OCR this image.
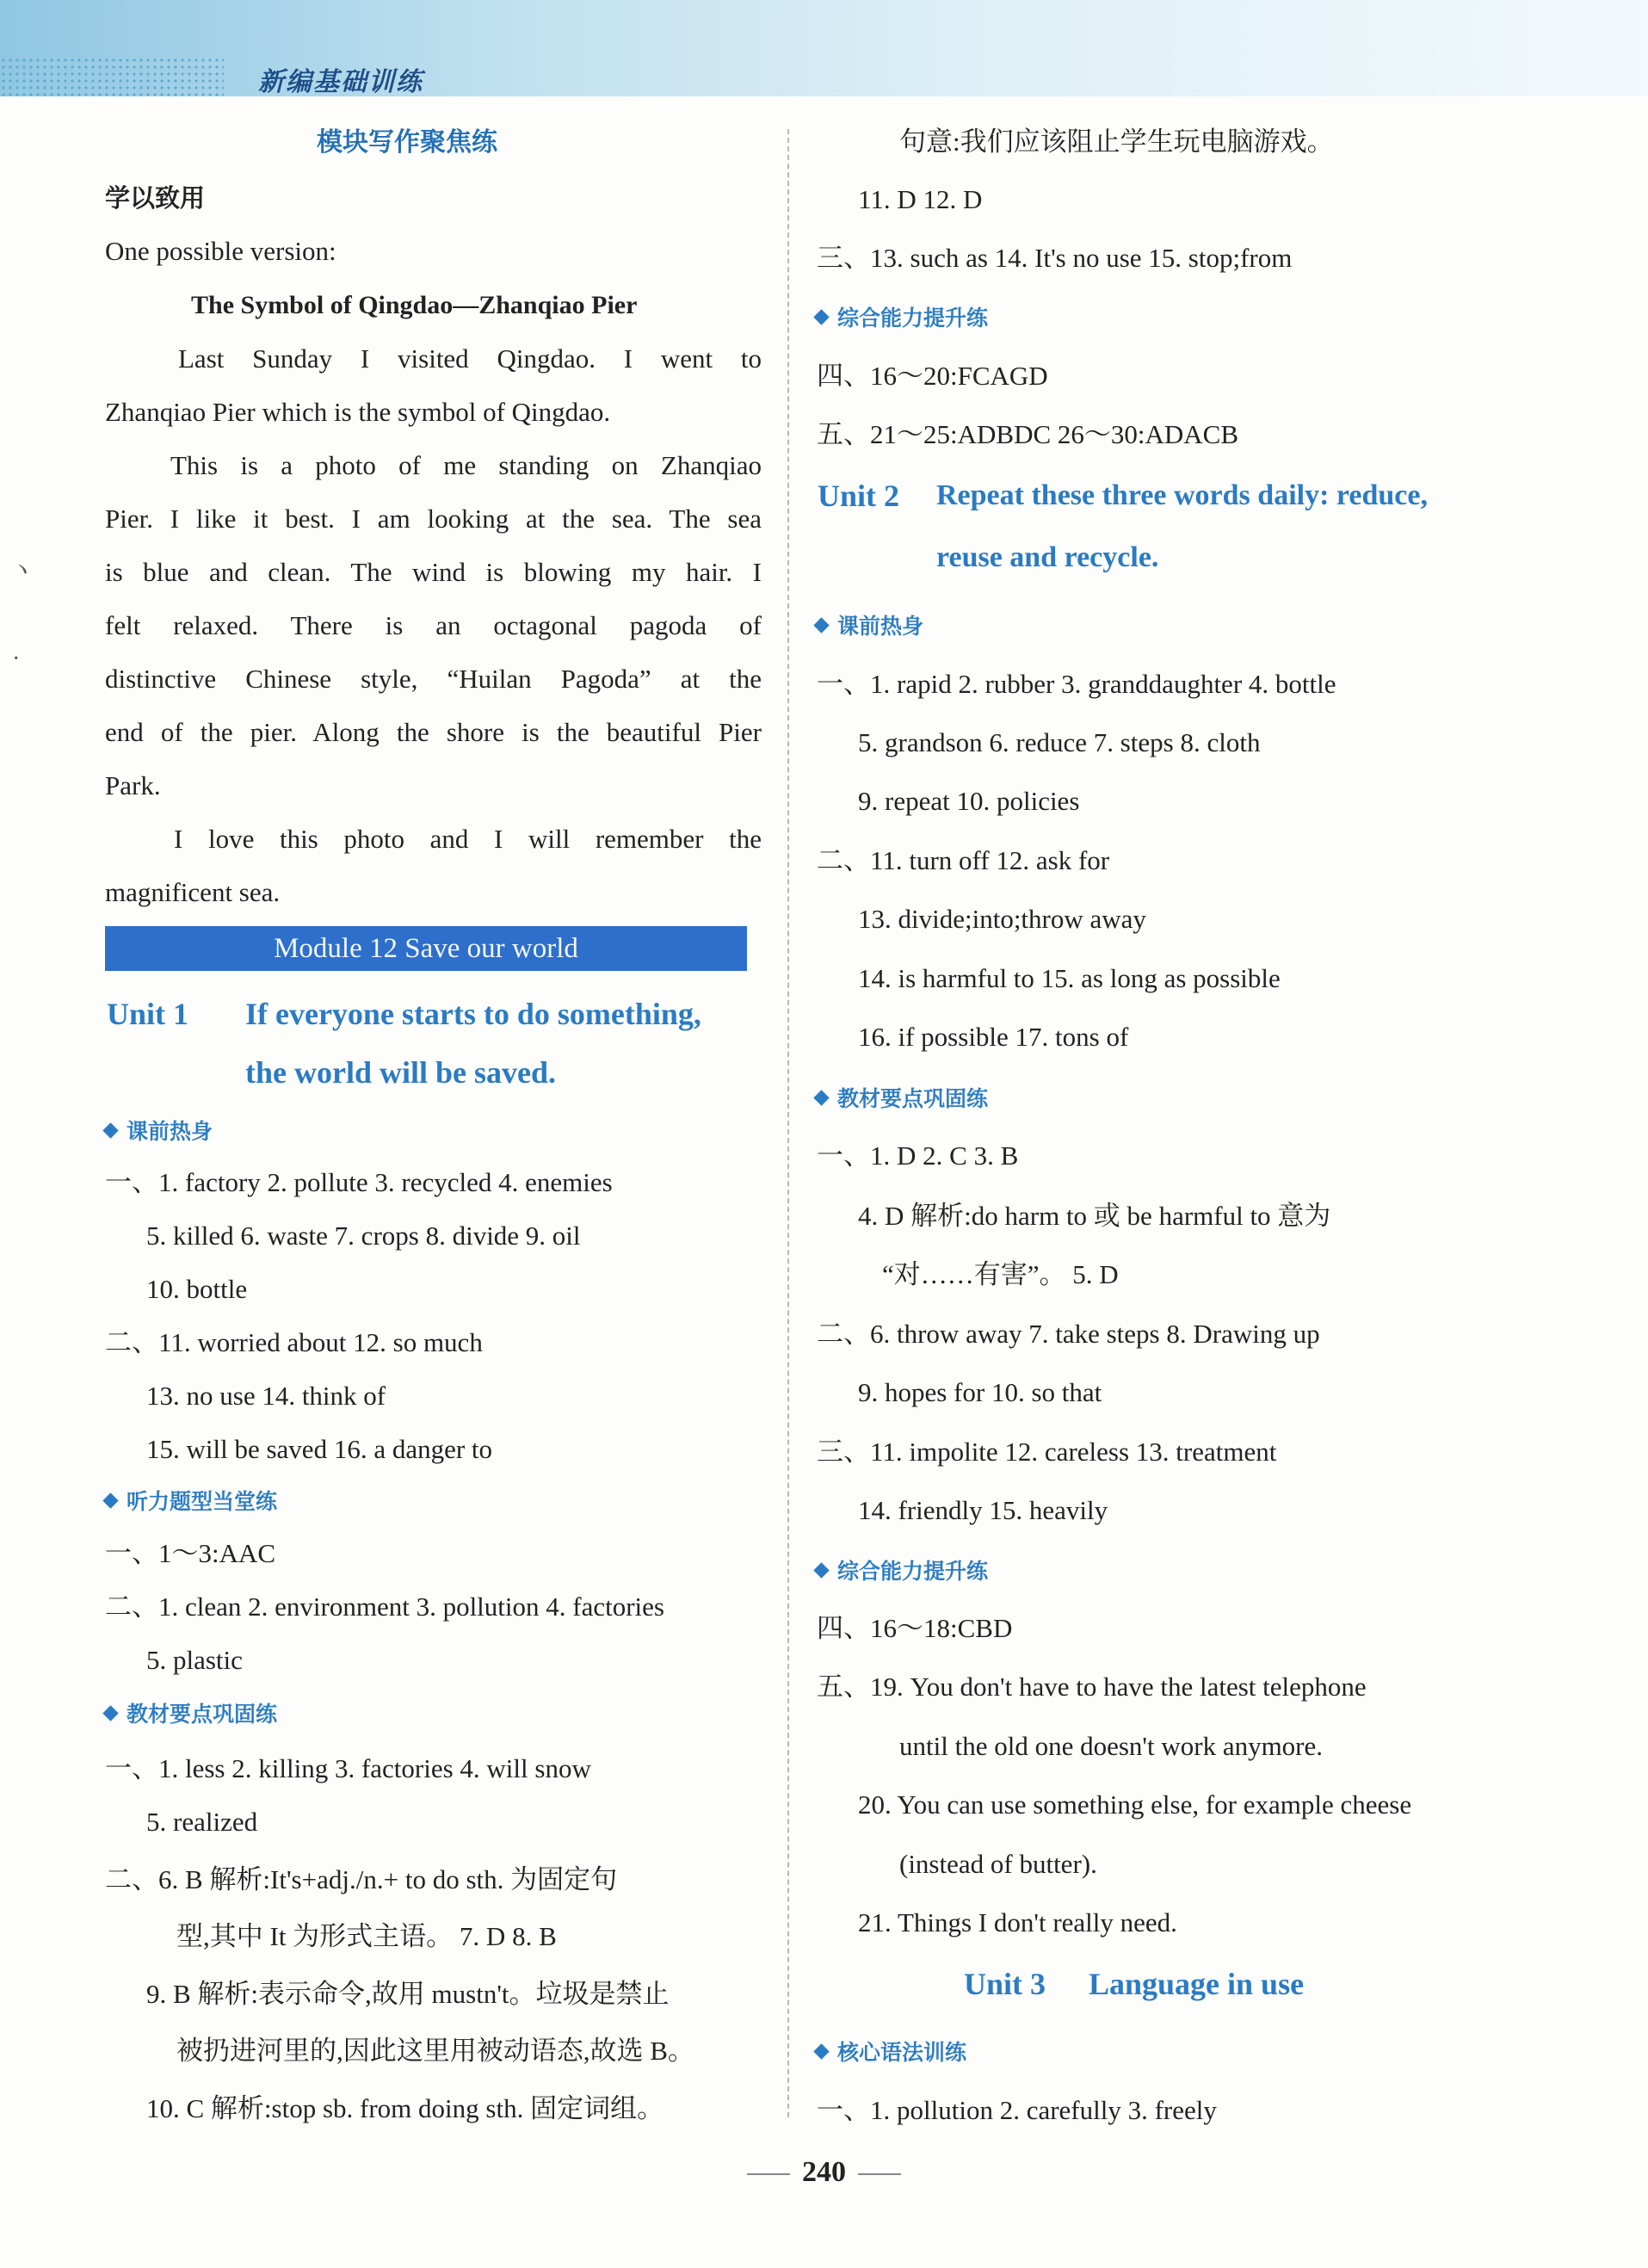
新编基础训练
ヽ
·
模块写作聚焦练
学以致用
One possible version:
The Symbol of Qingdao—Zhanqiao Pier
Last Sunday I visited Qingdao. I went to
Zhanqiao Pier which is the symbol of Qingdao.
This is a photo of me standing on Zhanqiao
Pier. I like it best. I am looking at the sea. The sea
is blue and clean. The wind is blowing my hair. I
felt relaxed. There is an octagonal pagoda of
distinctive Chinese style, “Huilan Pagoda” at the
end of the pier. Along the shore is the beautiful Pier
Park.
I love this photo and I will remember the
magnificent sea.
Module 12 Save our world
Unit 1 If everyone starts to do something,
the world will be saved.
课前热身
一、1. factory 2. pollute 3. recycled 4. enemies
5. killed 6. waste 7. crops 8. divide 9. oil
10. bottle
二、11. worried about 12. so much
13. no use 14. think of
15. will be saved 16. a danger to
听力题型当堂练
一、1～3:AAC
二、1. clean 2. environment 3. pollution 4. factories
5. plastic
教材要点巩固练
一、1. less 2. killing 3. factories 4. will snow
5. realized
二、6. B 解析:It's+adj./n.+ to do sth. 为固定句
型,其中 It 为形式主语。 7. D 8. B
9. B 解析:表示命令,故用 mustn't。垃圾是禁止
被扔进河里的,因此这里用被动语态,故选 B。
10. C 解析:stop sb. from doing sth. 固定词组。
句意:我们应该阻止学生玩电脑游戏。
11. D 12. D
三、13. such as 14. It's no use 15. stop;from
综合能力提升练
四、16～20:FCAGD
五、21～25:ADBDC 26～30:ADACB
Unit 2 Repeat these three words daily: reduce,
reuse and recycle.
课前热身
一、1. rapid 2. rubber 3. granddaughter 4. bottle
5. grandson 6. reduce 7. steps 8. cloth
9. repeat 10. policies
二、11. turn off 12. ask for
13. divide;into;throw away
14. is harmful to 15. as long as possible
16. if possible 17. tons of
教材要点巩固练
一、1. D 2. C 3. B
4. D 解析:do harm to 或 be harmful to 意为
“对……有害”。 5. D
二、6. throw away 7. take steps 8. Drawing up
9. hopes for 10. so that
三、11. impolite 12. careless 13. treatment
14. friendly 15. heavily
综合能力提升练
四、16～18:CBD
五、19. You don't have to have the latest telephone
until the old one doesn't work anymore.
20. You can use something else, for example cheese
(instead of butter).
21. Things I don't really need.
Unit 3 Language in use
核心语法训练
一、1. pollution 2. carefully 3. freely
240
